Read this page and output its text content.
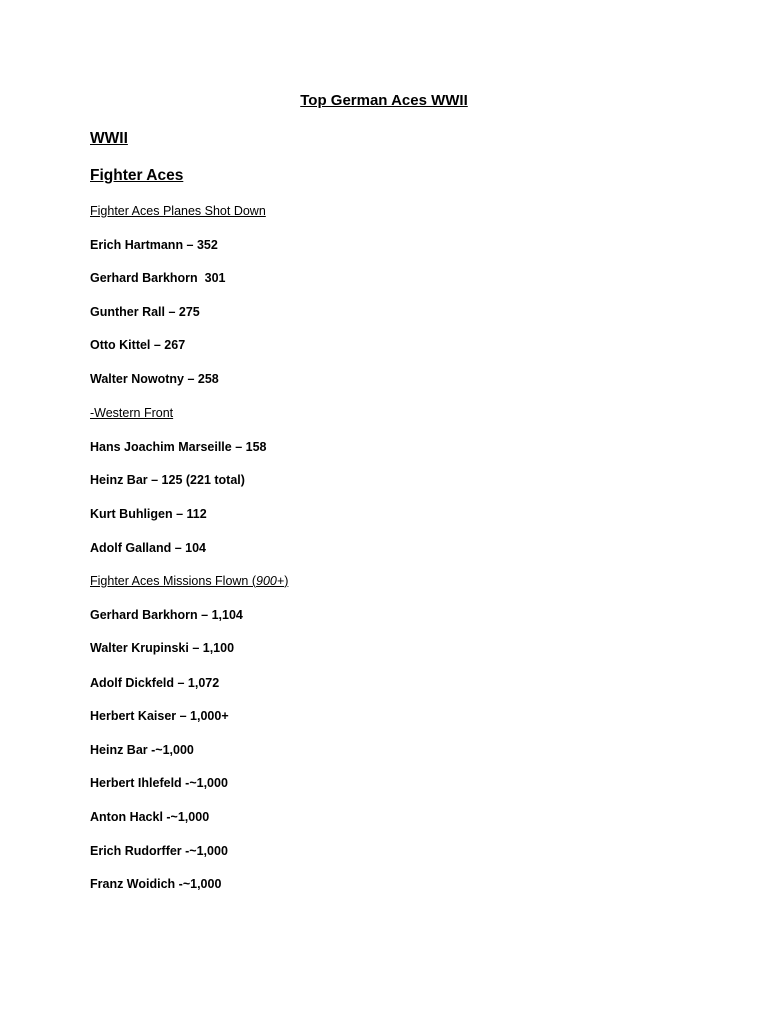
Top German Aces WWII
WWII
Fighter Aces
Fighter Aces Planes Shot Down
Erich Hartmann – 352
Gerhard Barkhorn  301
Gunther Rall – 275
Otto Kittel – 267
Walter Nowotny – 258
-Western Front
Hans Joachim Marseille – 158
Heinz Bar – 125 (221 total)
Kurt Buhligen – 112
Adolf Galland – 104
Fighter Aces Missions Flown (900+)
Gerhard Barkhorn – 1,104
Walter Krupinski – 1,100
Adolf Dickfeld – 1,072
Herbert Kaiser – 1,000+
Heinz Bar -~1,000
Herbert Ihlefeld -~1,000
Anton Hackl -~1,000
Erich Rudorffer -~1,000
Franz Woidich -~1,000
